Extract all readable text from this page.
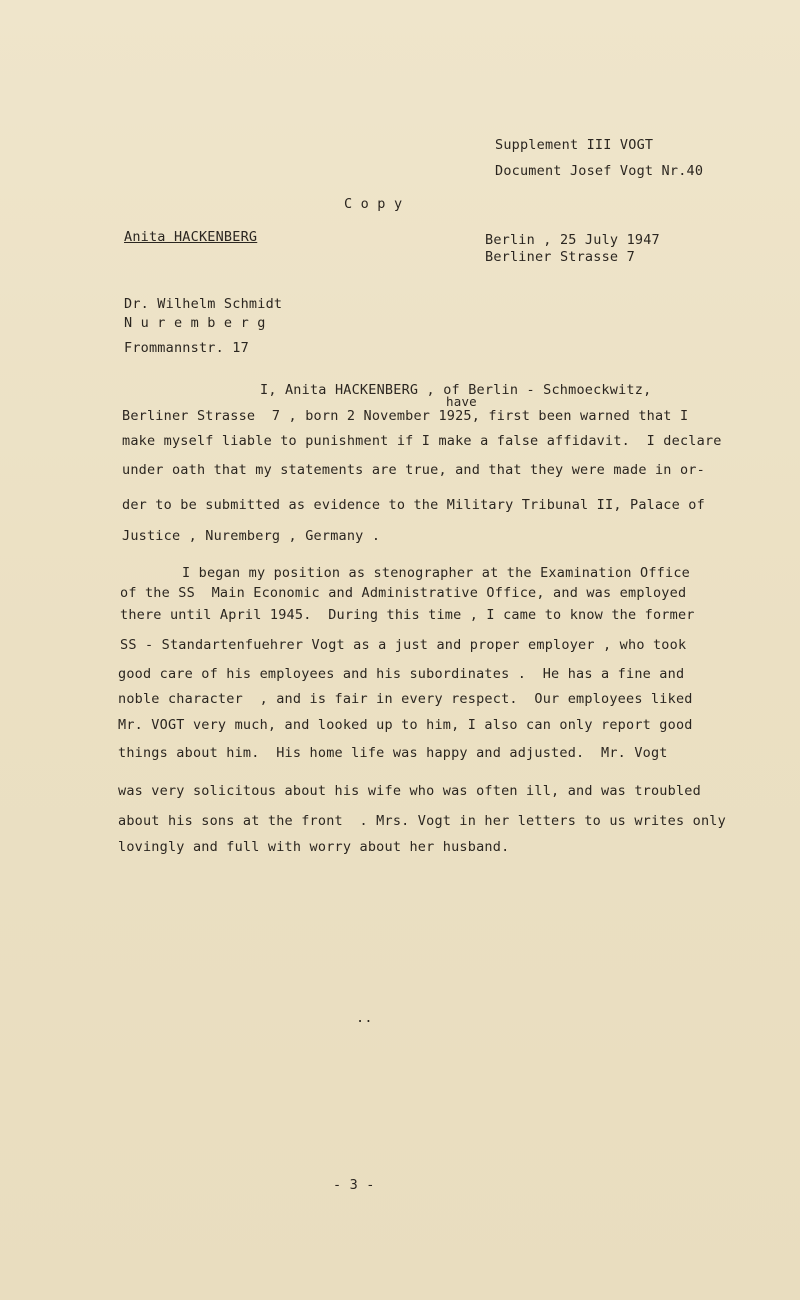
Supplement III VOGT
Document Josef Vogt Nr.40
C o p y
Anita HACKENBERG	Berlin , 25 July 1947
Berliner Strasse 7
Dr. Wilhelm Schmidt
N u r e m b e r g
Frommannstr. 17
have
I, Anita HACKENBERG , of Berlin - Schmoeckwitz,
Berliner Strasse  7 , born 2 November 1925, first been warned that I
make myself liable to punishment if I make a false affidavit.  I declare
under oath that my statements are true, and that they were made in or-
der to be submitted as evidence to the Military Tribunal II, Palace of
Justice , Nuremberg , Germany .
I began my position as stenographer at the Examination Office
of the SS  Main Economic and Administrative Office, and was employed
there until April 1945.  During this time , I came to know the former
SS - Standartenfuehrer Vogt as a just and proper employer , who took
good care of his employees and his subordinates .  He has a fine and
noble character  , and is fair in every respect.  Our employees liked
Mr. VOGT very much, and looked up to him, I also can only report good
things about him.  His home life was happy and adjusted.  Mr. Vogt
was very solicitous about his wife who was often ill, and was troubled
about his sons at the front  . Mrs. Vogt in her letters to us writes only
lovingly and full with worry about her husband.
..
- 3 -
